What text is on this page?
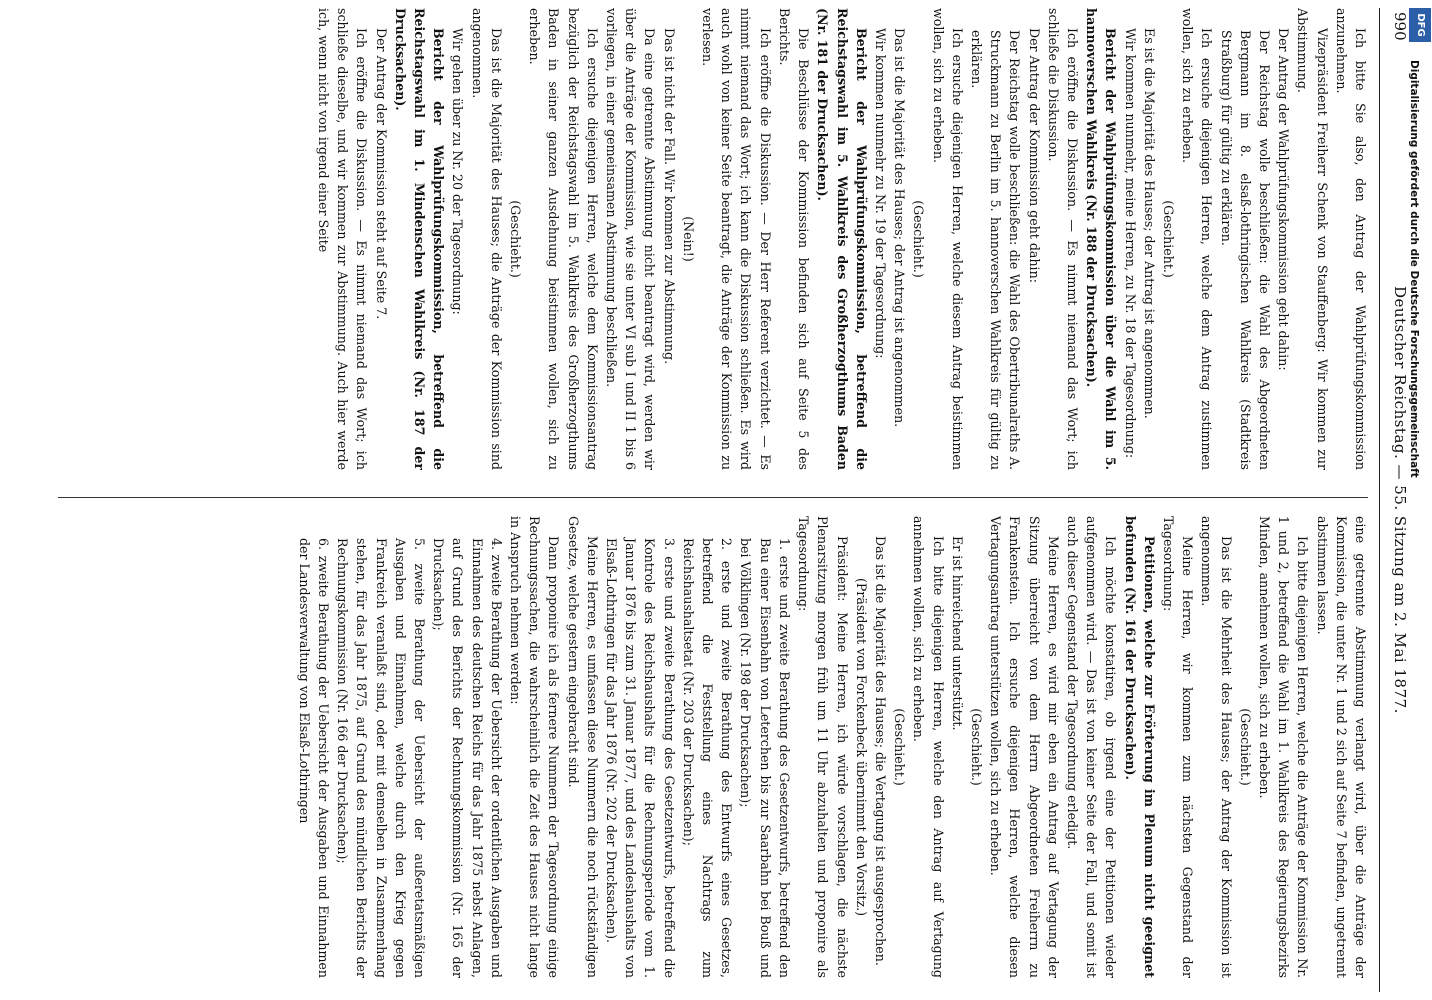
990
Deutscher Reichstag. — 55. Sitzung am 2. Mai 1877.

Ich bitte Sie also, den Antrag der Wahlprüfungskommission anzunehmen.

Vizepräsident Freiherr Schenk von Stauffenberg: Wir kommen zur Abstimmung.

Der Antrag der Wahlprüfungskommission geht dahin:

Der Reichstag wolle beschließen: die Wahl des Abgeordneten Bergmann im 8. elsaß-lothringischen Wahlkreis (Stadtkreis Straßburg) für gültig zu erklären.

Ich ersuche diejenigen Herren, welche dem Antrag zustimmen wollen, sich zu erheben.

(Geschieht.)

Es ist die Majorität des Hauses; der Antrag ist angenommen.

Wir kommen nunmehr, meine Herren, zu Nr. 18 der Tagesordnung:

Bericht der Wahlprüfungskommission über die Wahl im 5. hannoverschen Wahlkreis (Nr. 188 der Drucksachen).

Ich eröffne die Diskussion. — Es nimmt niemand das Wort; ich schließe die Diskussion.

Der Antrag der Kommission geht dahin:

Der Reichstag wolle beschließen: die Wahl des Obertribunalraths A. Struckmann zu Berlin im 5. hannoverschen Wahlkreis für gültig zu erklären.

Ich ersuche diejenigen Herren, welche diesem Antrag beistimmen wollen, sich zu erheben.

(Geschieht.)

Das ist die Majorität des Hauses; der Antrag ist angenommen.

Wir kommen nunmehr zu Nr. 19 der Tagesordnung:

Bericht der Wahlprüfungskommission, betreffend die Reichstagswahl im 5. Wahlkreis des Großherzogthums Baden (Nr. 181 der Drucksachen).

Die Beschlüsse der Kommission befinden sich auf Seite 5 des Berichts.

Ich eröffne die Diskussion. — Der Herr Referent verzichtet. — Es nimmt niemand das Wort; ich kann die Diskussion schließen. Es wird auch wohl von keiner Seite beantragt, die Anträge der Kommission zu verlesen.

(Nein!)

Das ist nicht der Fall. Wir kommen zur Abstimmung.

Da eine getrennte Abstimmung nicht beantragt wird, werden wir über die Anträge der Kommission, wie sie unter VI sub I und II 1 bis 6 vorliegen, in einer gemeinsamen Abstimmung beschließen.

Ich ersuche diejenigen Herren, welche dem Kommissionsantrag bezüglich der Reichstagswahl im 5. Wahlkreis des Großherzogthums Baden in seiner ganzen Ausdehnung beistimmen wollen, sich zu erheben.

(Geschieht.)

Das ist die Majorität des Hauses; die Anträge der Kommission sind angenommen.

Wir gehen über zu Nr. 20 der Tagesordnung:

Bericht der Wahlprüfungskommission, betreffend die Reichstagswahl im 1. Mindenschen Wahlkreis (Nr. 187 der Drucksachen).

Der Antrag der Kommission steht auf Seite 7.

Ich eröffne die Diskussion. — Es nimmt niemand das Wort; ich schließe dieselbe, und wir kommen zur Abstimmung. Auch hier werde ich, wenn nicht von irgend einer Seite

eine getrennte Abstimmung verlangt wird, über die Anträge der Kommission, die unter Nr. 1 und 2 sich auf Seite 7 befinden, ungetrennt abstimmen lassen.

Ich bitte diejenigen Herren, welche die Anträge der Kommission Nr. 1 und 2, betreffend die Wahl im 1. Wahlkreis des Regierungsbezirks Minden, annehmen wollen, sich zu erheben.

(Geschieht.)

Das ist die Mehrheit des Hauses; der Antrag der Kommission ist angenommen.

Meine Herren, wir kommen zum nächsten Gegenstand der Tagesordnung:

Petitionen, welche zur Erörterung im Plenum nicht geeignet befunden (Nr. 161 der Drucksachen).

Ich möchte konstatiren, ob irgend eine der Petitionen wieder aufgenommen wird. — Das ist von keiner Seite der Fall, und somit ist auch dieser Gegenstand der Tagesordnung erledigt.

Meine Herren, es wird mir eben ein Antrag auf Vertagung der Sitzung überreicht von dem Herrn Abgeordneten Freiherrn zu Frankenstein. Ich ersuche diejenigen Herren, welche diesen Vertagungsantrag unterstützen wollen, sich zu erheben.

(Geschieht.)

Er ist hinreichend unterstützt.

Ich bitte diejenigen Herren, welche den Antrag auf Vertagung annehmen wollen, sich zu erheben.

(Geschieht.)

Das ist die Majorität des Hauses; die Vertagung ist ausgesprochen.

(Präsident von Forckenbeck übernimmt den Vorsitz.)

Präsident: Meine Herren, ich würde vorschlagen, die nächste Plenarsitzung morgen früh um 11 Uhr abzuhalten und proponire als Tagesordnung:

1. erste und zweite Berathung des Gesetzentwurfs, betreffend den Bau einer Eisenbahn von Leterchen bis zur Saarbahn bei Bouß und bei Völklingen (Nr. 198 der Drucksachen);

2. erste und zweite Berathung des Entwurfs eines Gesetzes, betreffend die Feststellung eines Nachtrags zum Reichshaushaltsetat (Nr. 203 der Drucksachen);

3. erste und zweite Berathung des Gesetzentwurfs, betreffend die Kontrole des Reichshaushalts für die Rechnungsperiode vom 1. Januar 1876 bis zum 31. Januar 1877, und des Landeshaushalts von Elsaß-Lothringen für das Jahr 1876 (Nr. 202 der Drucksachen).

Meine Herren, es umfassen diese Nummern die noch rückständigen Gesetze, welche gestern eingebracht sind.

Dann proponire ich als fernere Nummern der Tagesordnung einige Rechnungssachen, die wahrscheinlich die Zeit des Hauses nicht lange in Anspruch nehmen werden:

4. zweite Berathung der Uebersicht der ordentlichen Ausgaben und Einnahmen des deutschen Reichs für das Jahr 1875 nebst Anlagen, auf Grund des Berichts der Rechnungskommission (Nr. 165 der Drucksachen);

5. zweite Berathung der Uebersicht der außeretatsmäßigen Ausgaben und Einnahmen, welche durch den Krieg gegen Frankreich veranlaßt sind, oder mit demselben in Zusammenhang stehen, für das Jahr 1875, auf Grund des mündlichen Berichts der Rechnungskommission (Nr. 166 der Drucksachen);

6. zweite Berathung der Uebersicht der Ausgaben und Einnahmen der Landesverwaltung von Elsaß-Lothringen

DFG
Digitalisierung gefördert durch die Deutsche Forschungsgemeinschaft
